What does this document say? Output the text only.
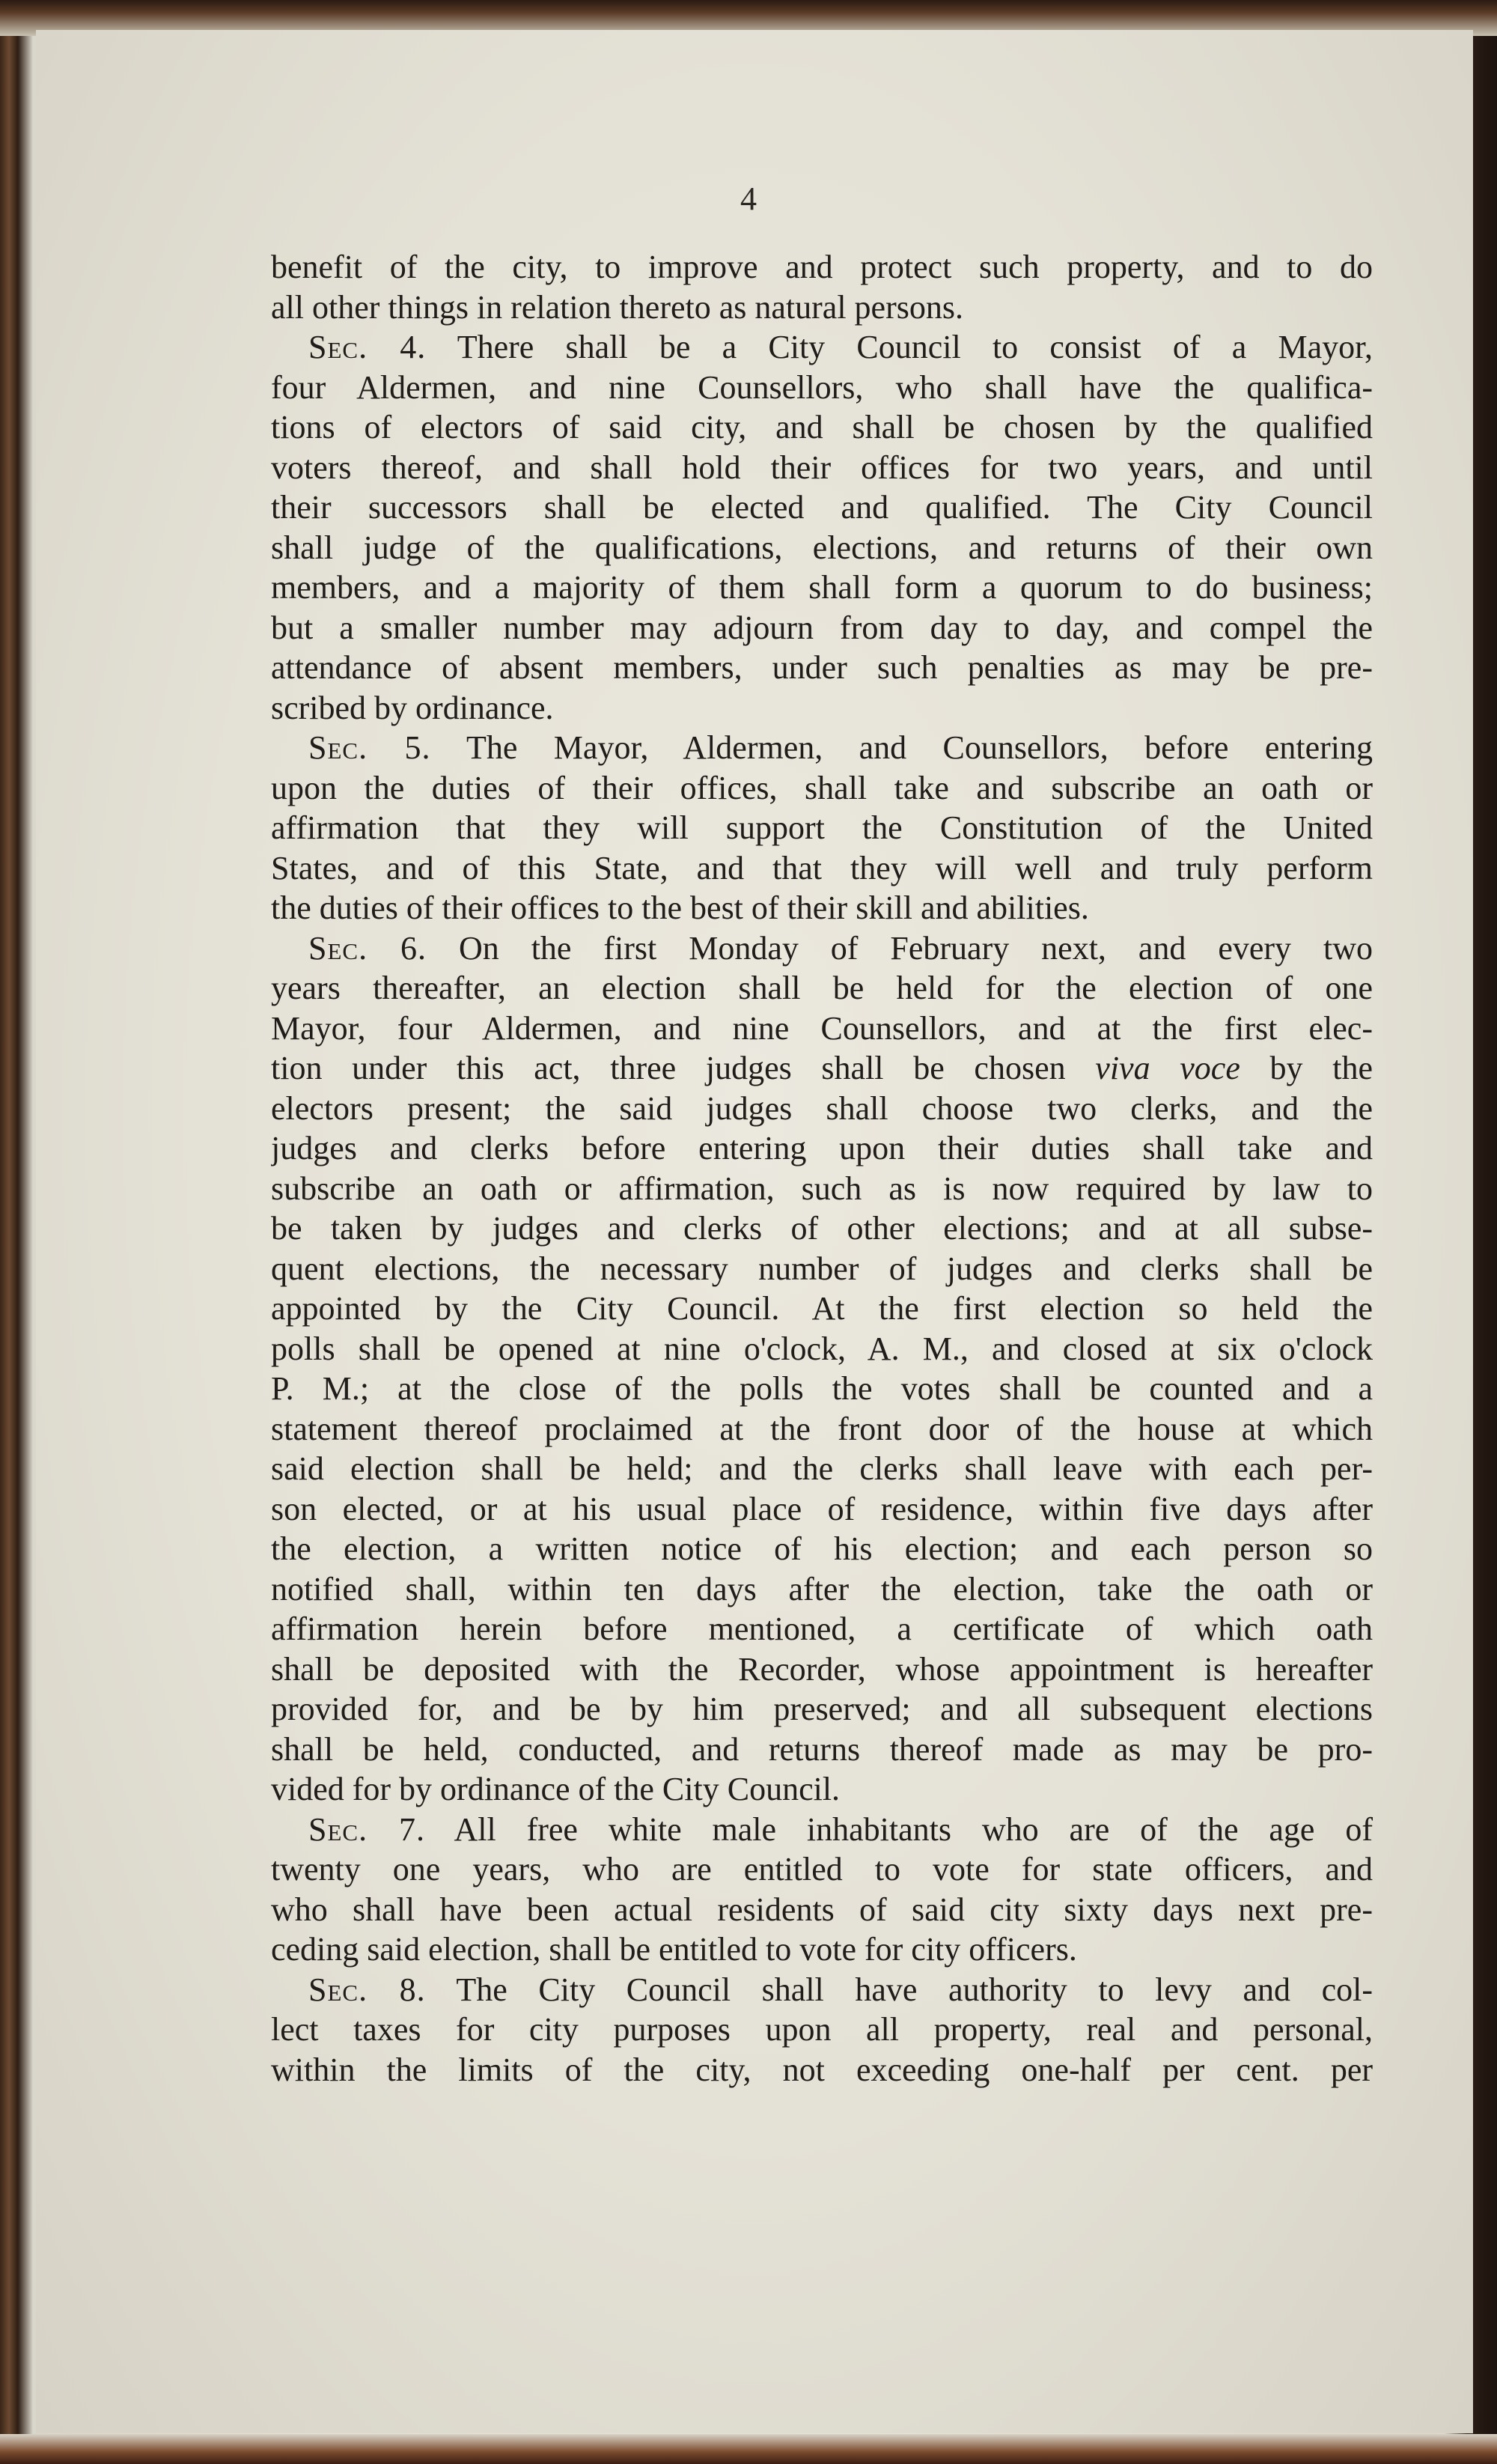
4
benefit of the city, to improve and protect such property, and to do
all other things in relation thereto as natural persons.
Sec. 4. There shall be a City Council to consist of a Mayor,
four Aldermen, and nine Counsellors, who shall have the qualifica-
tions of electors of said city, and shall be chosen by the qualified
voters thereof, and shall hold their offices for two years, and until
their successors shall be elected and qualified. The City Council
shall judge of the qualifications, elections, and returns of their own
members, and a majority of them shall form a quorum to do business;
but a smaller number may adjourn from day to day, and compel the
attendance of absent members, under such penalties as may be pre-
scribed by ordinance.
Sec. 5. The Mayor, Aldermen, and Counsellors, before entering
upon the duties of their offices, shall take and subscribe an oath or
affirmation that they will support the Constitution of the United
States, and of this State, and that they will well and truly perform
the duties of their offices to the best of their skill and abilities.
Sec. 6. On the first Monday of February next, and every two
years thereafter, an election shall be held for the election of one
Mayor, four Aldermen, and nine Counsellors, and at the first elec-
tion under this act, three judges shall be chosen viva voce by the
electors present; the said judges shall choose two clerks, and the
judges and clerks before entering upon their duties shall take and
subscribe an oath or affirmation, such as is now required by law to
be taken by judges and clerks of other elections; and at all subse-
quent elections, the necessary number of judges and clerks shall be
appointed by the City Council. At the first election so held the
polls shall be opened at nine o'clock, A. M., and closed at six o'clock
P. M.; at the close of the polls the votes shall be counted and a
statement thereof proclaimed at the front door of the house at which
said election shall be held; and the clerks shall leave with each per-
son elected, or at his usual place of residence, within five days after
the election, a written notice of his election; and each person so
notified shall, within ten days after the election, take the oath or
affirmation herein before mentioned, a certificate of which oath
shall be deposited with the Recorder, whose appointment is hereafter
provided for, and be by him preserved; and all subsequent elections
shall be held, conducted, and returns thereof made as may be pro-
vided for by ordinance of the City Council.
Sec. 7. All free white male inhabitants who are of the age of
twenty one years, who are entitled to vote for state officers, and
who shall have been actual residents of said city sixty days next pre-
ceding said election, shall be entitled to vote for city officers.
Sec. 8. The City Council shall have authority to levy and col-
lect taxes for city purposes upon all property, real and personal,
within the limits of the city, not exceeding one-half per cent. per
